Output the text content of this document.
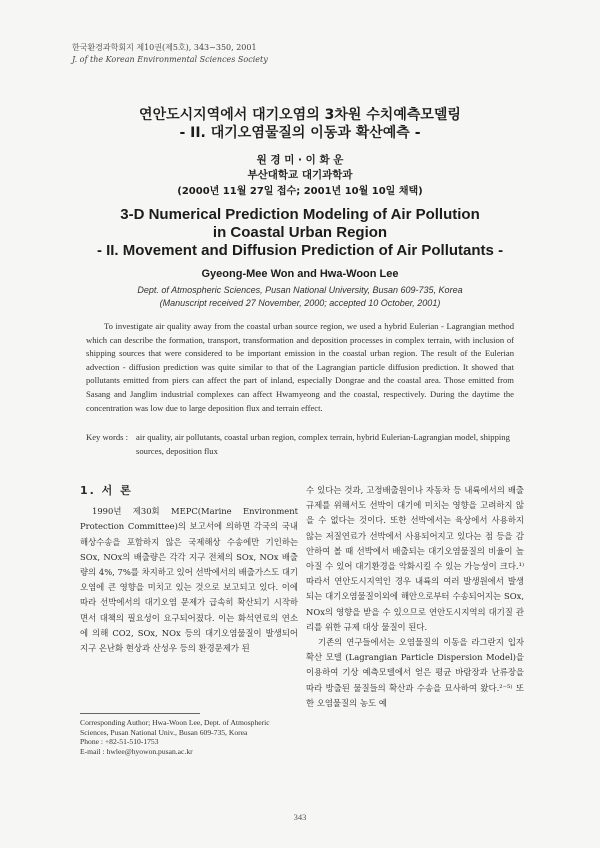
한국환경과학회지 제10권(제5호), 343~350, 2001
J. of the Korean Environmental Sciences Society
연안도시지역에서 대기오염의 3차원 수치예측모델링
- II. 대기오염물질의 이동과 확산예측 -
원 경 미 · 이 화 운
부산대학교 대기과학과
(2000년 11월 27일 접수; 2001년 10월 10일 채택)
3-D Numerical Prediction Modeling of Air Pollution
in Coastal Urban Region
- II. Movement and Diffusion Prediction of Air Pollutants -
Gyeong-Mee Won and Hwa-Woon Lee
Dept. of Atmospheric Sciences, Pusan National University, Busan 609-735, Korea
(Manuscript received 27 November, 2000; accepted 10 October, 2001)

To investigate air quality away from the coastal urban source region, we used a hybrid Eulerian - Lagrangian method which can describe the formation, transport, transformation and deposition processes in complex terrain, with inclusion of shipping sources that were considered to be important emission in the coastal urban region. The result of the Eulerian advection - diffusion prediction was quite similar to that of the Lagrangian particle diffusion prediction. It showed that pollutants emitted from piers can affect the part of inland, especially Dongrae and the coastal area. Those emitted from Sasang and Janglim industrial complexes can affect Hwamyeong and the coastal, respectively. During the daytime the concentration was low due to large deposition flux and terrain effect.

Key words : air quality, air pollutants, coastal urban region, complex terrain, hybrid Eulerian-Lagrangian model, shipping sources, deposition flux
1. 서 론

1990년 제30회 MEPC(Marine Environment Protection Committee)의 보고서에 의하면 각국의 국내 해상수송을 포함하지 않은 국제해상 수송에만 기인하는 SOx, NOx의 배출량은 각각 지구 전체의 SOx, NOx 배출량의 4%, 7%를 차지하고 있어 선박에서의 배출가스도 대기오염에 큰 영향을 미치고 있는 것으로 보고되고 있다. 이에 따라 선박에서의 대기오염 문제가 급속히 확산되기 시작하면서 대책의 필요성이 요구되어졌다. 이는 화석연료의 연소에 의해 CO2, SOx, NOx 등의 대기오염물질이 발생되어 지구 온난화 현상과 산성우 등의 환경문제가 된

수 있다는 것과, 고정배출원이나 자동차 등 내륙에서의 배출규제를 위해서도 선박이 대기에 미치는 영향을 고려하지 않을 수 없다는 것이다. 또한 선박에서는 육상에서 사용하지 않는 저질연료가 선박에서 사용되어지고 있다는 점 등을 감안하여 볼 때 선박에서 배출되는 대기오염물질의 비율이 높아질 수 있어 대기환경을 악화시킬 수 있는 가능성이 크다.¹⁾ 따라서 연안도시지역인 경우 내륙의 여러 발생원에서 발생되는 대기오염물질이외에 해안으로부터 수송되어지는 SOx, NOx의 영향을 받을 수 있으므로 연안도시지역의 대기질 관리를 위한 규제 대상 물질이 된다.

기존의 연구들에서는 오염물질의 이동을 라그란지 입자 확산 모델 (Lagrangian Particle Dispersion Model)을 이용하여 기상 예측모델에서 얻은 평균 바람장과 난류장을 따라 방출된 물질들의 확산과 수송을 묘사하여 왔다.²⁻⁵⁾ 또한 오염물질의 농도 예

Corresponding Author; Hwa-Woon Lee, Dept. of Atmospheric Sciences, Pusan National Univ., Busan 609-735, Korea
Phone : +82-51-510-1753
E-mail : hwlee@hyowon.pusan.ac.kr
343
